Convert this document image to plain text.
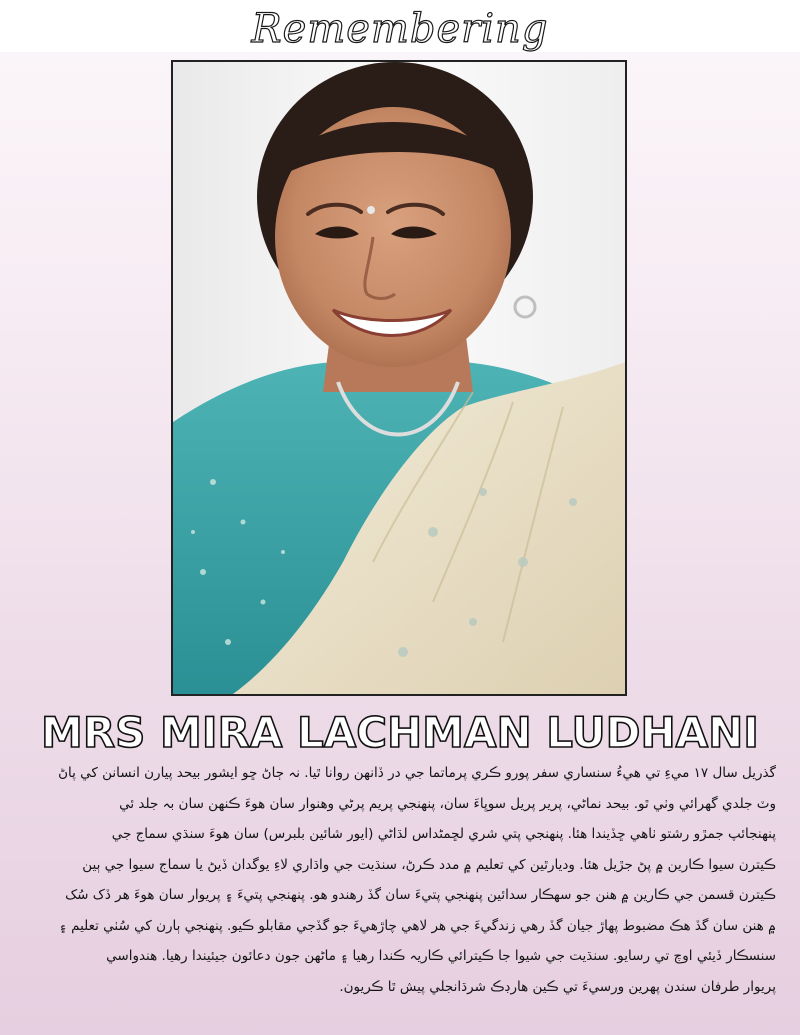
Remembering
MRS MIRA LACHMAN LUDHANI
گذريل سال ١٧ ميءِ تي هيءُ سنساري سفر پورو ڪري پرماتما جي در ڏانهن روانا ٿيا. نہ ڄاڻ ڇو ايشور بيحد پيارن انسانن کي پاڻ
وٽ جلدي گهرائي وٺي ٿو. بيحد نماڻي، پرير پريل سوڀاءَ سان، پنهنجي پريم پرڻي وهنوار سان هوءَ ڪنهن سان بہ جلد ئي
پنهنجائپ جمڙو رشتو ٺاهي ڇڏيندا هئا. پنهنجي پتي شري لڇمڻداس لڌاڻي (ايور شائين بلبرس) سان هوءَ سنڌي سماج جي
ڪيترن سيوا ڪارين ۾ پڻ جڙيل هئا. وديارٿين کي تعليم ۾ مدد ڪرڻ، سنڌيت جي واڌاري لاءِ يوگدان ڏيڻ يا سماج سيوا جي ٻين
ڪيترن قسمن جي ڪارين ۾ هنن جو سهڪار سدائين پنهنجي پتيءَ سان گڏ رهندو هو. پنهنجي پتيءَ ۽ پريوار سان هوءَ هر ڏک سُک
۾ هنن سان گڏ هڪ مضبوط پهاڙ جيان گڏ رهي زندگيءَ جي هر لاهي چاڙهيءَ جو گڏجي مقابلو ڪيو. پنهنجي ٻارن کي سُٺي تعليم ۽
سنسڪار ڏيئي اوچ تي رسايو. سنڌيت جي شيوا جا ڪيترائي ڪاريہ ڪندا رهيا ۽ ماڻهن جون دعائون جيئيندا رهيا. هندواسي
پريوار طرفان سندن پهرين ورسيءَ تي ڪين هارڊڪ شرڌانجلي پيش ٿا ڪريون.
